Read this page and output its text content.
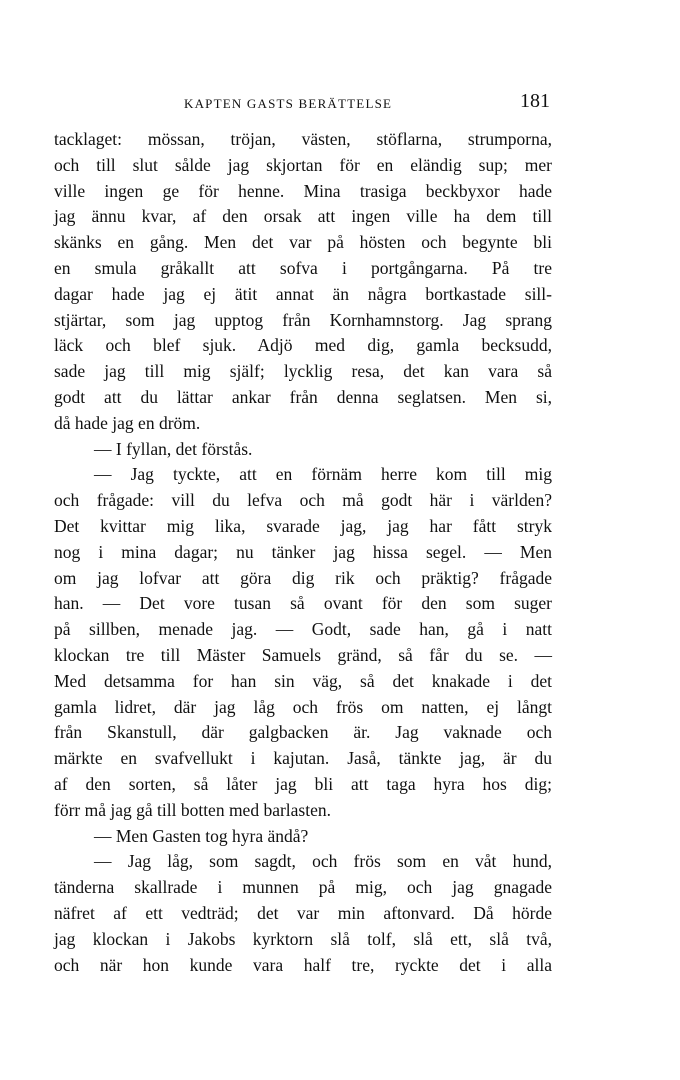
KAPTEN GASTS BERÄTTELSE	181
tacklaget: mössan, tröjan, västen, stöflarna, strumporna,
och till slut sålde jag skjortan för en eländig sup; mer
ville ingen ge för henne. Mina trasiga beckbyxor hade
jag ännu kvar, af den orsak att ingen ville ha dem till
skänks en gång. Men det var på hösten och begynte bli
en smula gråkallt att sofva i portgångarna. På tre
dagar hade jag ej ätit annat än några bortkastade sill-
stjärtar, som jag upptog från Kornhamnstorg. Jag sprang
läck och blef sjuk. Adjö med dig, gamla becksudd,
sade jag till mig själf; lycklig resa, det kan vara så
godt att du lättar ankar från denna seglatsen. Men si,
då hade jag en dröm.
— I fyllan, det förstås.
— Jag tyckte, att en förnäm herre kom till mig
och frågade: vill du lefva och må godt här i världen?
Det kvittar mig lika, svarade jag, jag har fått stryk
nog i mina dagar; nu tänker jag hissa segel. — Men
om jag lofvar att göra dig rik och präktig? frågade
han. — Det vore tusan så ovant för den som suger
på sillben, menade jag. — Godt, sade han, gå i natt
klockan tre till Mäster Samuels gränd, så får du se. —
Med detsamma for han sin väg, så det knakade i det
gamla lidret, där jag låg och frös om natten, ej långt
från Skanstull, där galgbacken är. Jag vaknade och
märkte en svafvellukt i kajutan. Jaså, tänkte jag, är du
af den sorten, så låter jag bli att taga hyra hos dig;
förr må jag gå till botten med barlasten.
— Men Gasten tog hyra ändå?
— Jag låg, som sagdt, och frös som en våt hund,
tänderna skallrade i munnen på mig, och jag gnagade
näfret af ett vedträd; det var min aftonvard. Då hörde
jag klockan i Jakobs kyrktorn slå tolf, slå ett, slå två,
och när hon kunde vara half tre, ryckte det i alla
